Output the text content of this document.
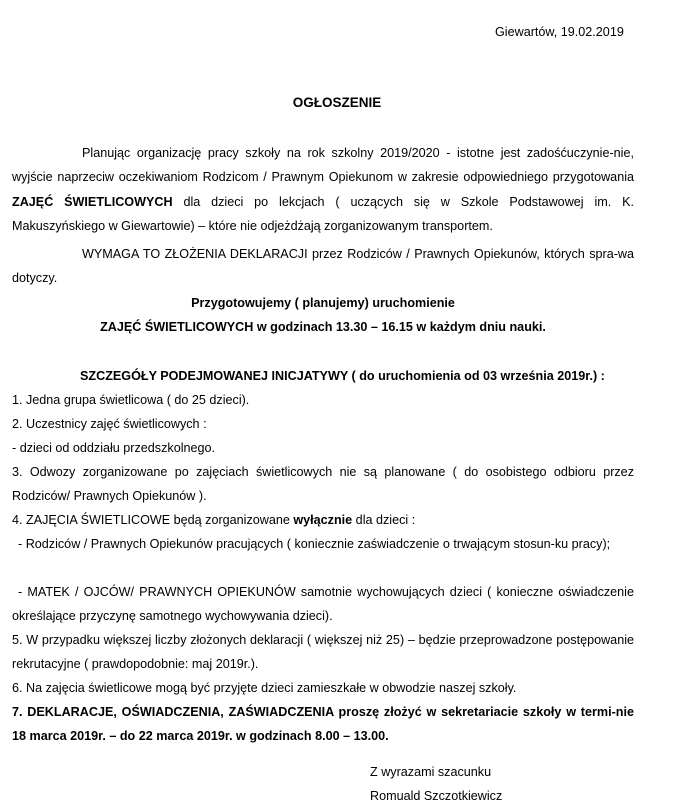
Giewartów, 19.02.2019
OGŁOSZENIE
Planując organizację pracy szkoły na rok szkolny 2019/2020 - istotne jest zadośćuczynie-nie, wyjście naprzeciw oczekiwaniom Rodzicom / Prawnym Opiekunom w zakresie odpowiedniego przygotowania ZAJĘĆ ŚWIETLICOWYCH dla dzieci po lekcjach ( uczących się w Szkole Podstawowej im. K. Makuszyńskiego w Giewartowie) – które nie odjeżdżają zorganizowanym transportem.
WYMAGA TO ZŁOŻENIA DEKLARACJI przez Rodziców / Prawnych Opiekunów, których spra-wa dotyczy.
Przygotowujemy ( planujemy) uruchomienie
ZAJĘĆ ŚWIETLICOWYCH w godzinach 13.30 – 16.15 w każdym dniu nauki.
SZCZEGÓŁY PODEJMOWANEJ INICJATYWY ( do uruchomienia od 03 września 2019r.) :
1. Jedna grupa świetlicowa ( do 25 dzieci).
2. Uczestnicy zajęć świetlicowych :
- dzieci od oddziału przedszkolnego.
3. Odwozy zorganizowane po zajęciach świetlicowych nie są planowane ( do osobistego odbioru przez Rodziców/ Prawnych Opiekunów ).
4. ZAJĘCIA ŚWIETLICOWE będą zorganizowane wyłącznie dla dzieci :
- Rodziców / Prawnych Opiekunów pracujących ( koniecznie zaświadczenie o trwającym stosun-ku pracy);
- MATEK / OJCÓW/ PRAWNYCH OPIEKUNÓW samotnie wychowujących dzieci ( konieczne oświadczenie określające przyczynę samotnego wychowywania dzieci).
5. W przypadku większej liczby złożonych deklaracji ( większej niż 25) – będzie przeprowadzone postępowanie rekrutacyjne ( prawdopodobnie: maj 2019r.).
6. Na zajęcia świetlicowe mogą być przyjęte dzieci zamieszkałe w obwodzie naszej szkoły.
7. DEKLARACJE, OŚWIADCZENIA, ZAŚWIADCZENIA proszę złożyć w sekretariacie szkoły w termi-nie 18 marca 2019r. – do 22 marca 2019r. w godzinach 8.00 – 13.00.
Z wyrazami szacunku
Romuald Szczotkiewicz
